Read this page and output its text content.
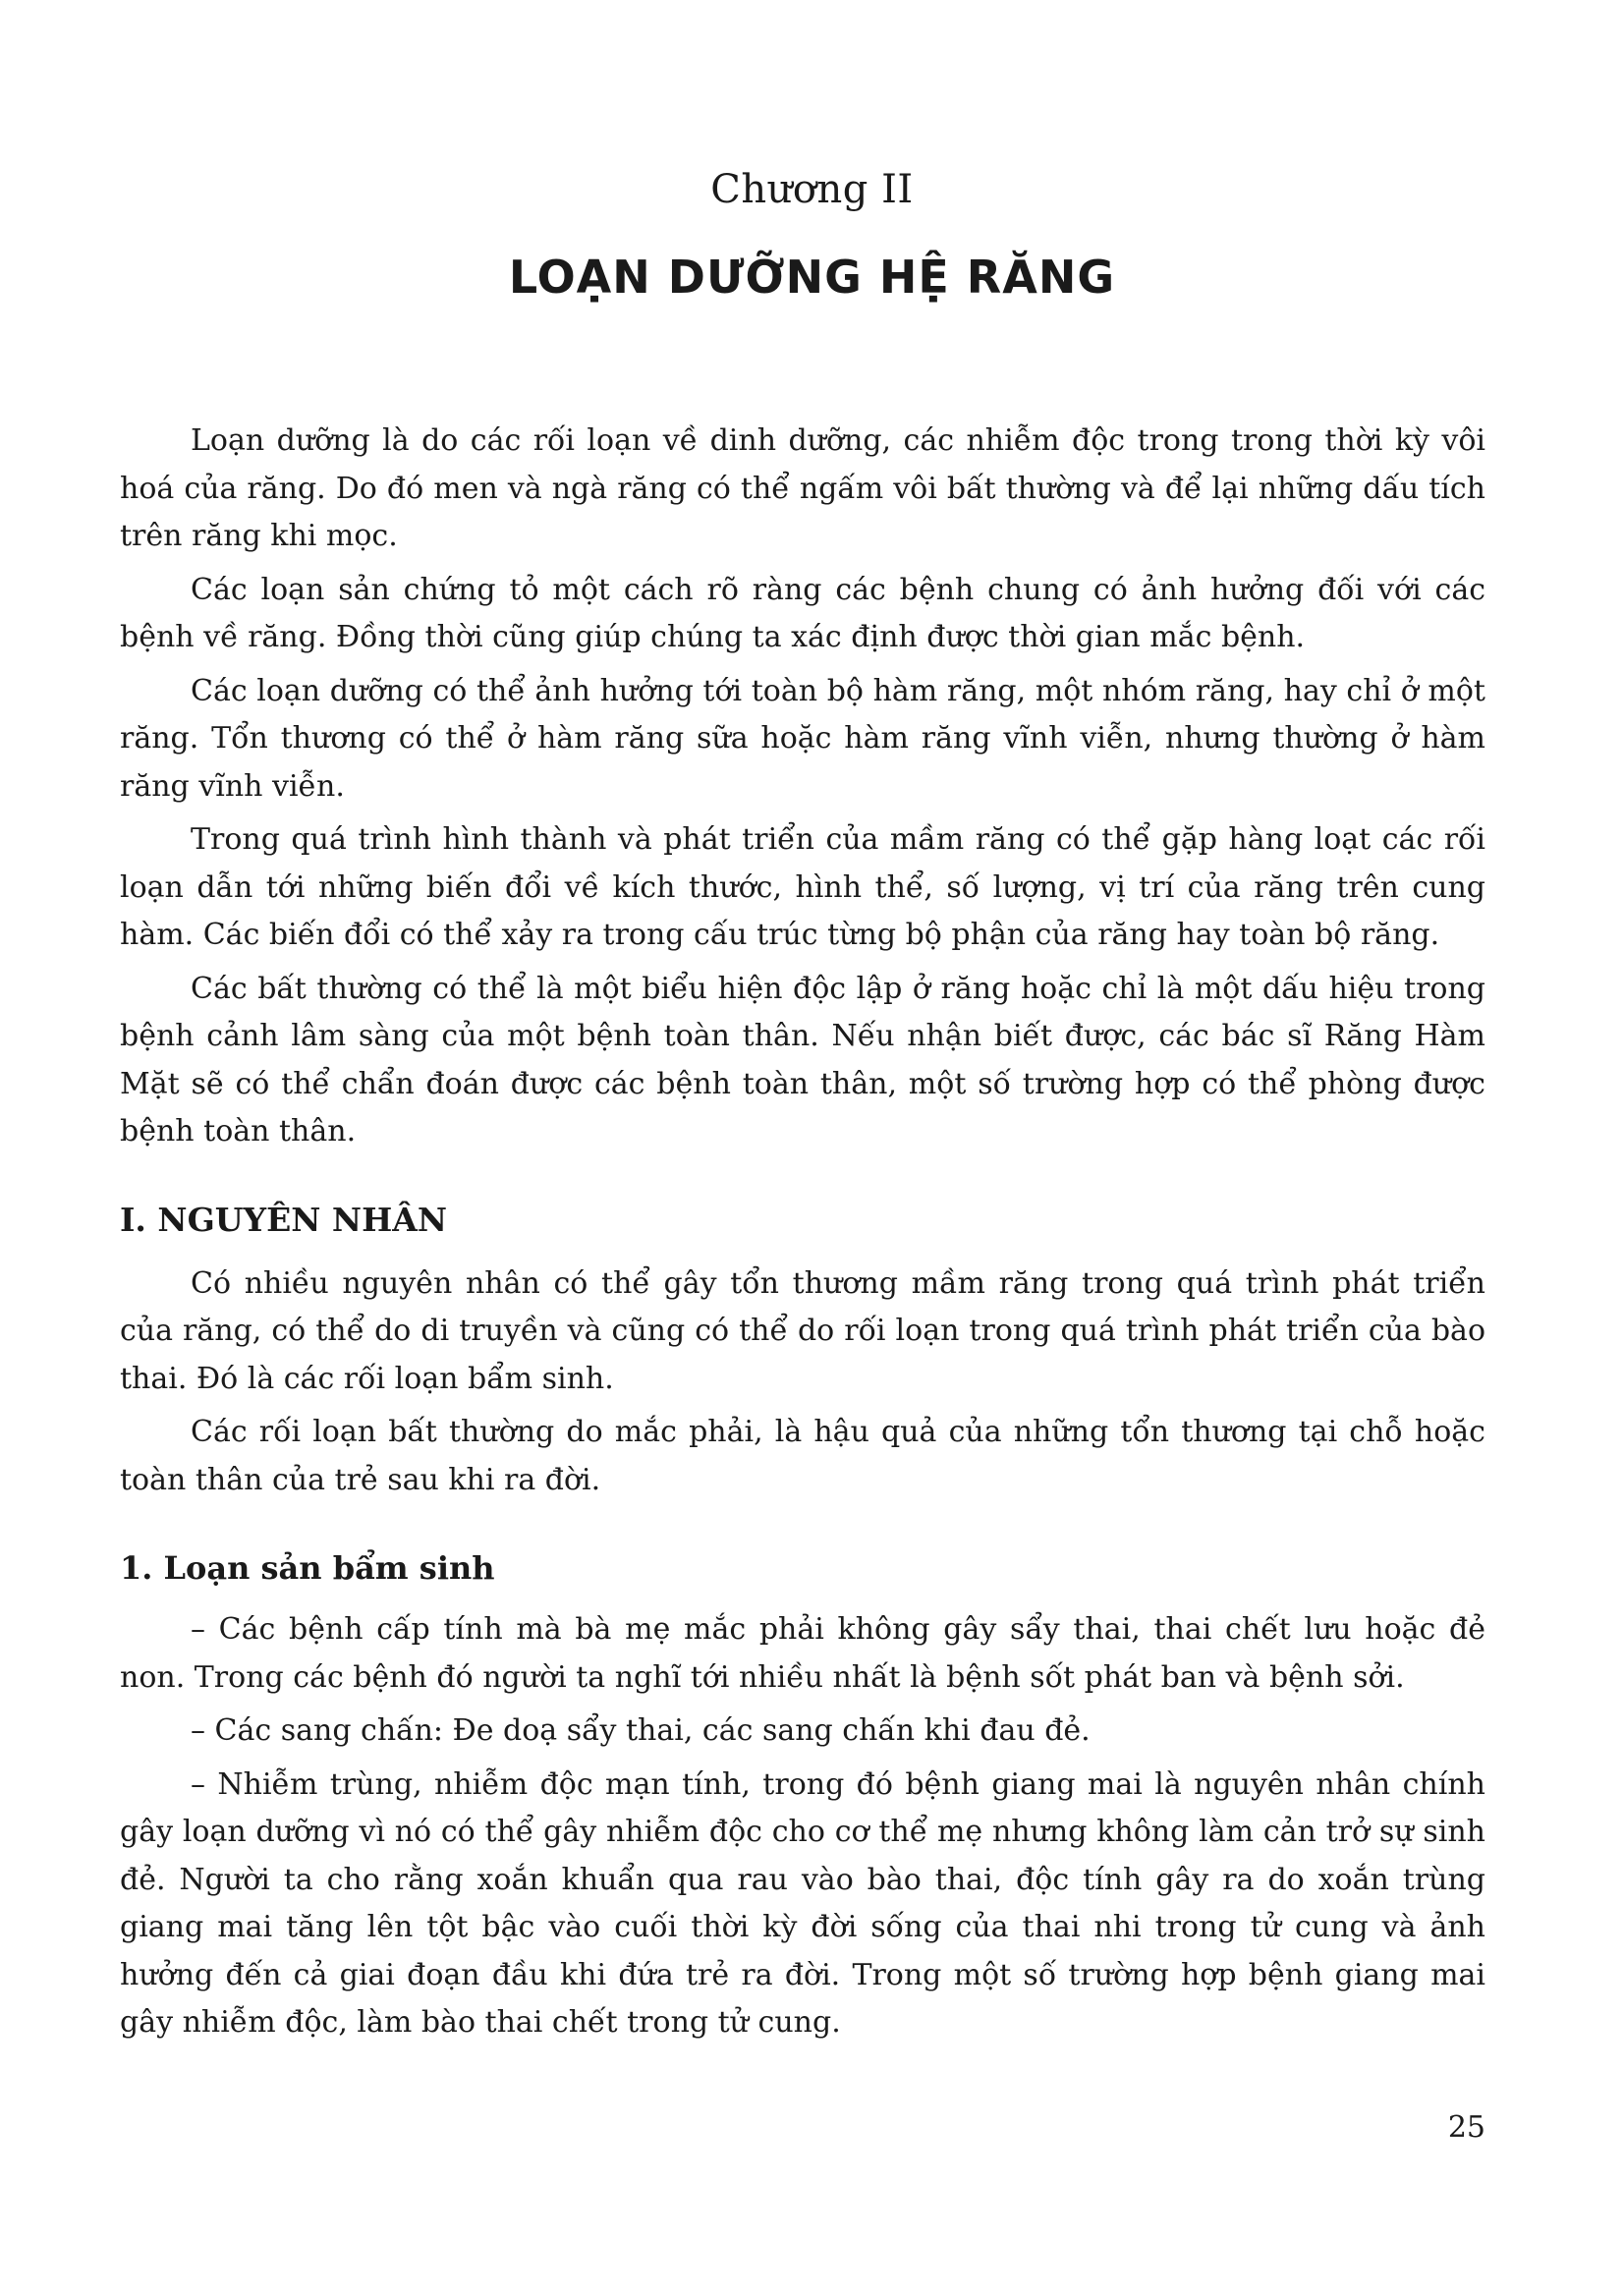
Chương II
LOẠN DƯỠNG HỆ RĂNG

Loạn dưỡng là do các rối loạn về dinh dưỡng, các nhiễm độc trong trong thời kỳ vôi hoá của răng. Do đó men và ngà răng có thể ngấm vôi bất thường và để lại những dấu tích trên răng khi mọc.

Các loạn sản chứng tỏ một cách rõ ràng các bệnh chung có ảnh hưởng đối với các bệnh về răng. Đồng thời cũng giúp chúng ta xác định được thời gian mắc bệnh.

Các loạn dưỡng có thể ảnh hưởng tới toàn bộ hàm răng, một nhóm răng, hay chỉ ở một răng. Tổn thương có thể ở hàm răng sữa hoặc hàm răng vĩnh viễn, nhưng thường ở hàm răng vĩnh viễn.

Trong quá trình hình thành và phát triển của mầm răng có thể gặp hàng loạt các rối loạn dẫn tới những biến đổi về kích thước, hình thể, số lượng, vị trí của răng trên cung hàm. Các biến đổi có thể xảy ra trong cấu trúc từng bộ phận của răng hay toàn bộ răng.

Các bất thường có thể là một biểu hiện độc lập ở răng hoặc chỉ là một dấu hiệu trong bệnh cảnh lâm sàng của một bệnh toàn thân. Nếu nhận biết được, các bác sĩ Răng Hàm Mặt sẽ có thể chẩn đoán được các bệnh toàn thân, một số trường hợp có thể phòng được bệnh toàn thân.

I. NGUYÊN NHÂN

Có nhiều nguyên nhân có thể gây tổn thương mầm răng trong quá trình phát triển của răng, có thể do di truyền và cũng có thể do rối loạn trong quá trình phát triển của bào thai. Đó là các rối loạn bẩm sinh.

Các rối loạn bất thường do mắc phải, là hậu quả của những tổn thương tại chỗ hoặc toàn thân của trẻ sau khi ra đời.

1. Loạn sản bẩm sinh

– Các bệnh cấp tính mà bà mẹ mắc phải không gây sẩy thai, thai chết lưu hoặc đẻ non. Trong các bệnh đó người ta nghĩ tới nhiều nhất là bệnh sốt phát ban và bệnh sởi.

– Các sang chấn: Đe doạ sẩy thai, các sang chấn khi đau đẻ.

– Nhiễm trùng, nhiễm độc mạn tính, trong đó bệnh giang mai là nguyên nhân chính gây loạn dưỡng vì nó có thể gây nhiễm độc cho cơ thể mẹ nhưng không làm cản trở sự sinh đẻ. Người ta cho rằng xoắn khuẩn qua rau vào bào thai, độc tính gây ra do xoắn trùng giang mai tăng lên tột bậc vào cuối thời kỳ đời sống của thai nhi trong tử cung và ảnh hưởng đến cả giai đoạn đầu khi đứa trẻ ra đời. Trong một số trường hợp bệnh giang mai gây nhiễm độc, làm bào thai chết trong tử cung.

25
